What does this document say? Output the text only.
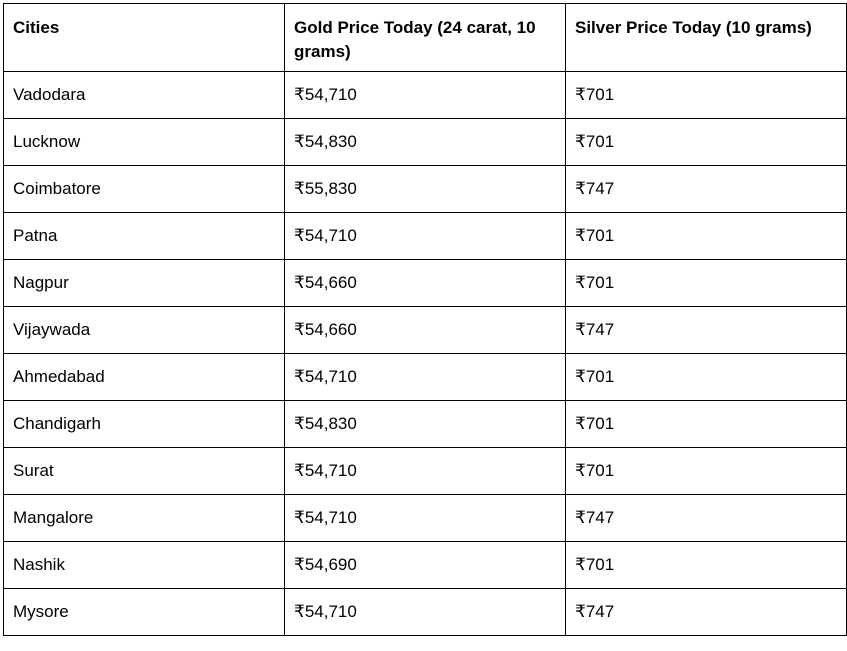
Cities	Gold Price Today (24 carat, 10 grams)	Silver Price Today (10 grams)
Vadodara	₹54,710	₹701
Lucknow	₹54,830	₹701
Coimbatore	₹55,830	₹747
Patna	₹54,710	₹701
Nagpur	₹54,660	₹701
Vijaywada	₹54,660	₹747
Ahmedabad	₹54,710	₹701
Chandigarh	₹54,830	₹701
Surat	₹54,710	₹701
Mangalore	₹54,710	₹747
Nashik	₹54,690	₹701
Mysore	₹54,710	₹747
